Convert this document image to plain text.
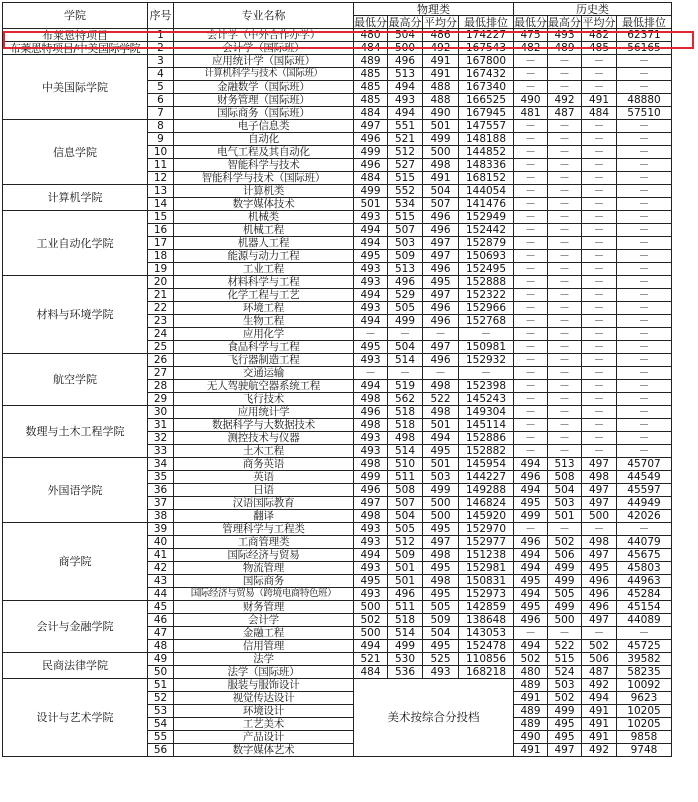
学院	序号	专业名称	物理类				历史类			
			最低分	最高分	平均分	最低排位	最低分	最高分	平均分	最低排位
布莱恩特项目	1	会计学（中外合作办学）	480	504	486	174227	475	493	482	62371
布莱恩特项目/中美国际学院	2	会计学（国际班）	484	500	492	167543	482	489	485	56165
中美国际学院	3	应用统计学（国际班）	489	496	491	167800	－	－	－	－
	4	计算机科学与技术（国际班）	485	513	491	167432	－	－	－	－
	5	金融数学（国际班）	485	494	488	167340	－	－	－	－
	6	财务管理（国际班）	485	493	488	166525	490	492	491	48880
	7	国际商务（国际班）	484	494	490	167945	481	487	484	57510
信息学院	8	电子信息类	497	551	501	147557	－	－	－	－
	9	自动化	496	521	499	148188	－	－	－	－
	10	电气工程及其自动化	499	512	500	144852	－	－	－	－
	11	智能科学与技术	496	527	498	148336	－	－	－	－
	12	智能科学与技术（国际班）	484	515	491	168152	－	－	－	－
计算机学院	13	计算机类	499	552	504	144054	－	－	－	－
	14	数字媒体技术	501	534	507	141476	－	－	－	－
工业自动化学院	15	机械类	493	515	496	152949	－	－	－	－
	16	机械工程	494	507	496	152442	－	－	－	－
	17	机器人工程	494	503	497	152879	－	－	－	－
	18	能源与动力工程	495	509	497	150693	－	－	－	－
	19	工业工程	493	513	496	152495	－	－	－	－
材料与环境学院	20	材料科学与工程	493	496	495	152888	－	－	－	－
	21	化学工程与工艺	494	529	497	152322	－	－	－	－
	22	环境工程	493	505	496	152966	－	－	－	－
	23	生物工程	494	499	496	152768	－	－	－	－
	24	应用化学	－	－	－	－	－	－	－	－
	25	食品科学与工程	495	504	497	150981	－	－	－	－
航空学院	26	飞行器制造工程	493	514	496	152932	－	－	－	－
	27	交通运输	－	－	－	－	－	－	－	－
	28	无人驾驶航空器系统工程	494	519	498	152398	－	－	－	－
	29	飞行技术	498	562	522	145243	－	－	－	－
数理与土木工程学院	30	应用统计学	496	518	498	149304	－	－	－	－
	31	数据科学与大数据技术	498	518	501	145114	－	－	－	－
	32	测控技术与仪器	493	498	494	152886	－	－	－	－
	33	土木工程	493	514	495	152882	－	－	－	－
外国语学院	34	商务英语	498	510	501	145954	494	513	497	45707
	35	英语	499	511	503	144227	496	508	498	44549
	36	日语	496	508	499	149288	494	504	497	45597
	37	汉语国际教育	497	507	500	146824	495	503	497	44949
	38	翻译	498	504	500	145920	499	501	500	42026
商学院	39	管理科学与工程类	493	505	495	152970	－	－	－	－
	40	工商管理类	493	512	497	152977	496	502	498	44079
	41	国际经济与贸易	494	509	498	151238	494	506	497	45675
	42	物流管理	493	501	495	152981	494	499	495	45803
	43	国际商务	495	501	498	150831	495	499	496	44963
	44	国际经济与贸易（跨境电商特色班）	493	496	495	152973	494	505	496	45284
会计与金融学院	45	财务管理	500	511	505	142859	495	499	496	45154
	46	会计学	502	518	509	138648	496	500	497	44089
	47	金融工程	500	514	504	143053	－	－	－	－
	48	信用管理	494	499	495	152478	494	522	502	45725
民商法律学院	49	法学	521	530	525	110856	502	515	506	39582
	50	法学（国际班）	484	536	493	168218	480	524	487	58235
设计与艺术学院	51	服装与服饰设计	美术按综合分投档				489	503	492	10092
	52	视觉传达设计					491	502	494	9623
	53	环境设计					489	499	491	10205
	54	工艺美术					489	495	491	10205
	55	产品设计					490	495	491	9858
	56	数字媒体艺术					491	497	492	9748
